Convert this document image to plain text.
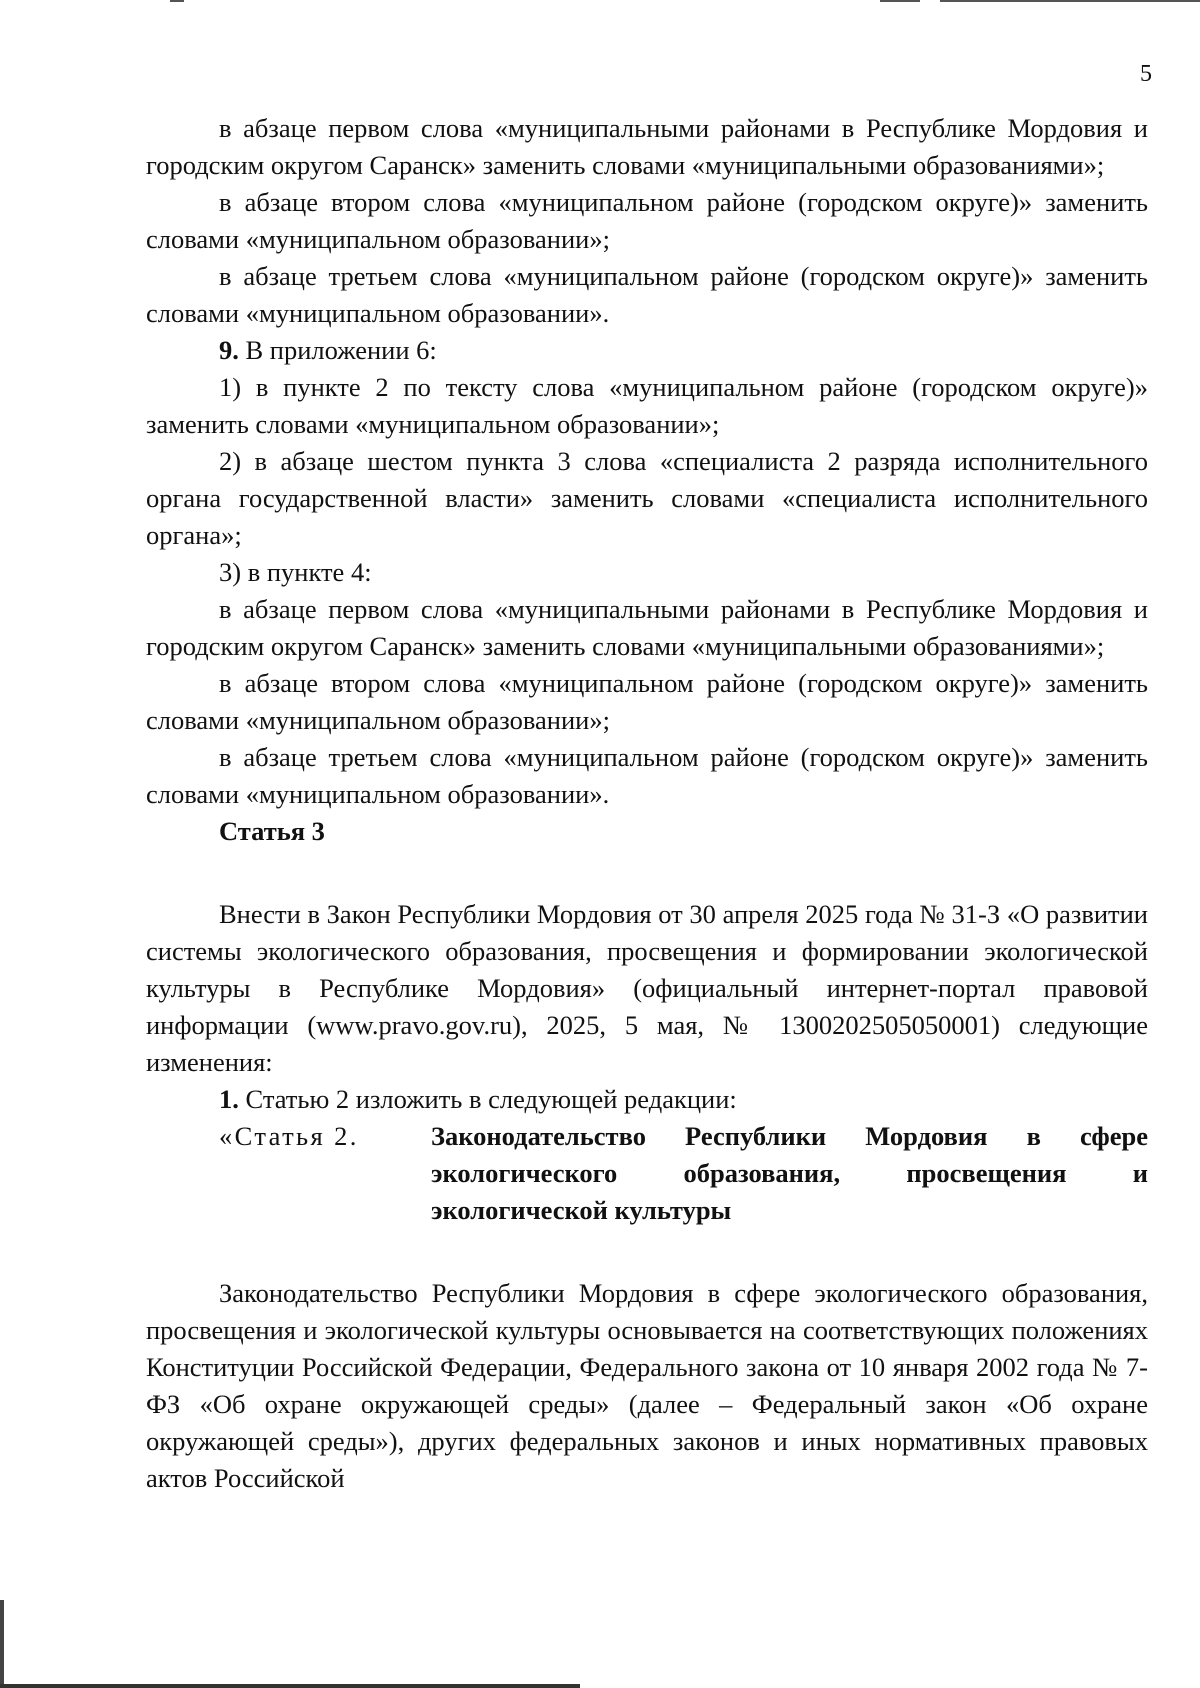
5

в абзаце первом слова «муниципальными районами в Республике Мордовия и городским округом Саранск» заменить словами «муниципальными образованиями»;

в абзаце втором слова «муниципальном районе (городском округе)» заменить словами «муниципальном образовании»;

в абзаце третьем слова «муниципальном районе (городском округе)» заменить словами «муниципальном образовании».

9. В приложении 6:

1) в пункте 2 по тексту слова «муниципальном районе (городском округе)» заменить словами «муниципальном образовании»;

2) в абзаце шестом пункта 3 слова «специалиста 2 разряда исполнительного органа государственной власти» заменить словами «специалиста исполнительного органа»;

3) в пункте 4:

в абзаце первом слова «муниципальными районами в Республике Мордовия и городским округом Саранск» заменить словами «муниципальными образованиями»;

в абзаце втором слова «муниципальном районе (городском округе)» заменить словами «муниципальном образовании»;

в абзаце третьем слова «муниципальном районе (городском округе)» заменить словами «муниципальном образовании».

Статья 3

Внести в Закон Республики Мордовия от 30 апреля 2025 года № 31-З «О развитии системы экологического образования, просвещения и формировании экологической культуры в Республике Мордовия» (официальный интернет-портал правовой информации (www.pravo.gov.ru), 2025, 5 мая, № 1300202505050001) следующие изменения:

1. Статью 2 изложить в следующей редакции:

«Статья 2.	Законодательство Республики Мордовия в сфере экологического образования, просвещения и экологической культуры

Законодательство Республики Мордовия в сфере экологического образования, просвещения и экологической культуры основывается на соответствующих положениях Конституции Российской Федерации, Федерального закона от 10 января 2002 года № 7-ФЗ «Об охране окружающей среды» (далее – Федеральный закон «Об охране окружающей среды»), других федеральных законов и иных нормативных правовых актов Российской
